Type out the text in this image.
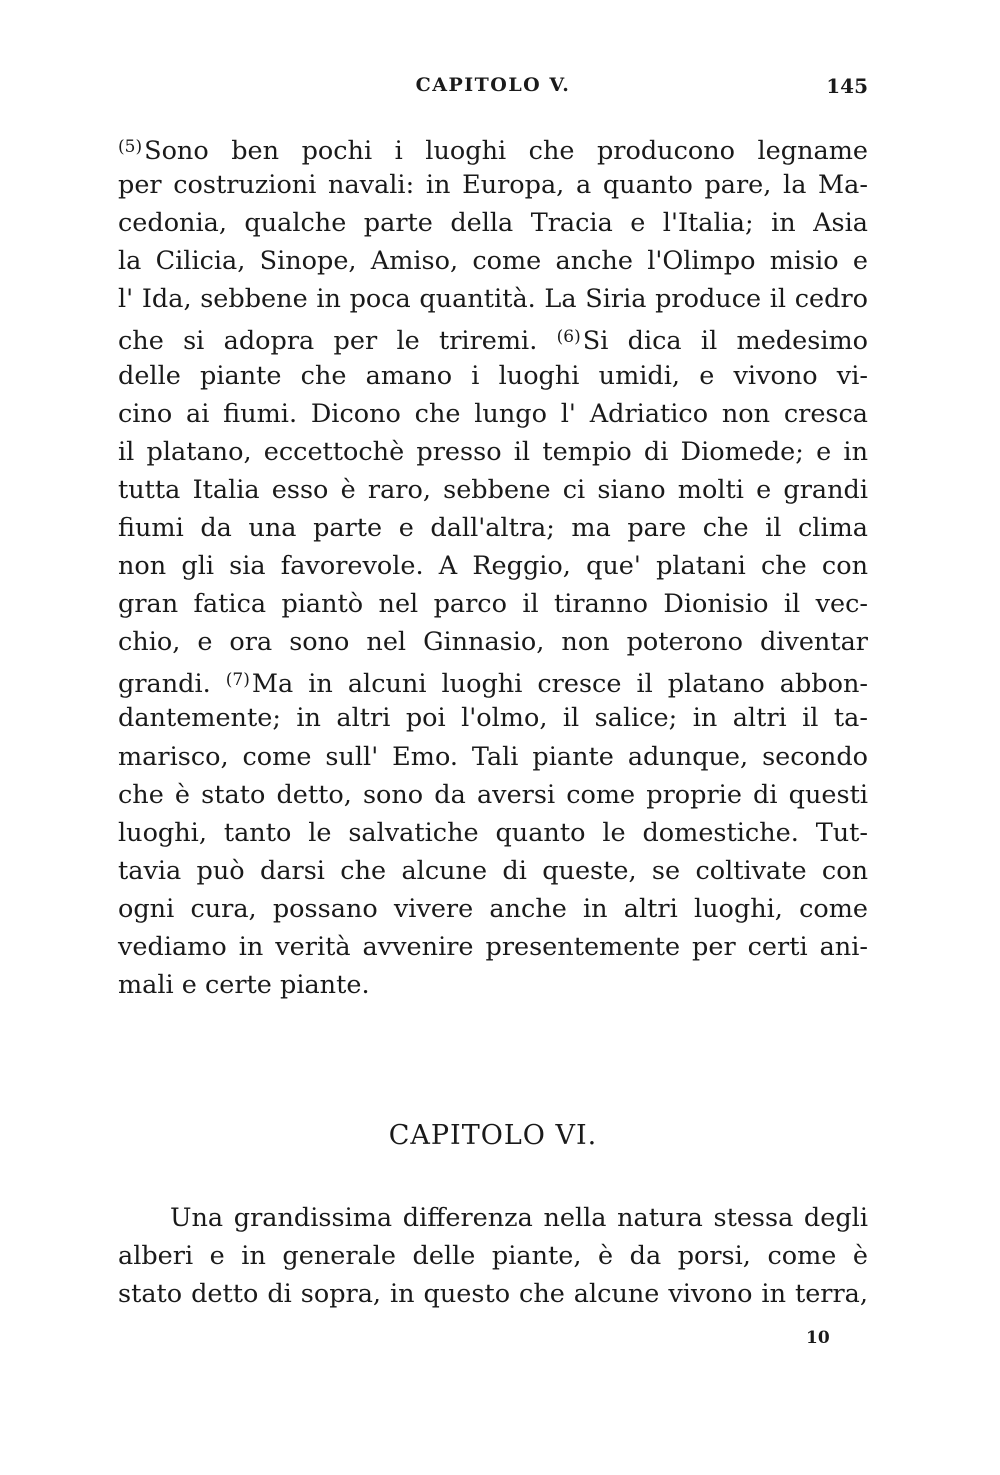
CAPITOLO V.	145

$^{(5)}$Sono ben pochi i luoghi che producono legname
per costruzioni navali: in Europa, a quanto pare, la Ma-
cedonia, qualche parte della Tracia e l'Italia; in Asia
la Cilicia, Sinope, Amiso, come anche l'Olimpo misio e
l' Ida, sebbene in poca quantità. La Siria produce il cedro
che si adopra per le triremi. $^{(6)}$Si dica il medesimo
delle piante che amano i luoghi umidi, e vivono vi-
cino ai fiumi. Dicono che lungo l' Adriatico non cresca
il platano, eccettochè presso il tempio di Diomede; e in
tutta Italia esso è raro, sebbene ci siano molti e grandi
fiumi da una parte e dall'altra; ma pare che il clima
non gli sia favorevole. A Reggio, que' platani che con
gran fatica piantò nel parco il tiranno Dionisio il vec-
chio, e ora sono nel Ginnasio, non poterono diventar
grandi. $^{(7)}$Ma in alcuni luoghi cresce il platano abbon-
dantemente; in altri poi l'olmo, il salice; in altri il ta-
marisco, come sull' Emo. Tali piante adunque, secondo
che è stato detto, sono da aversi come proprie di questi
luoghi, tanto le salvatiche quanto le domestiche. Tut-
tavia può darsi che alcune di queste, se coltivate con
ogni cura, possano vivere anche in altri luoghi, come
vediamo in verità avvenire presentemente per certi ani-
mali e certe piante.

CAPITOLO VI.

Una grandissima differenza nella natura stessa degli
alberi e in generale delle piante, è da porsi, come è
stato detto di sopra, in questo che alcune vivono in terra,

10
